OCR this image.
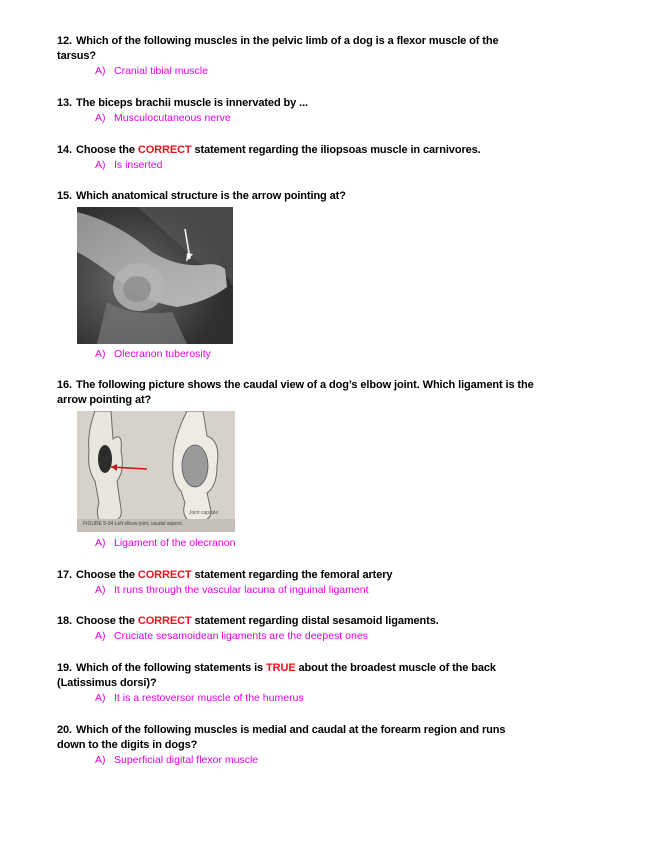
12. Which of the following muscles in the pelvic limb of a dog is a flexor muscle of the

tarsus?

A) Cranial tibial muscle

13. The biceps brachii muscle is innervated by ...

A) Musculocutaneous nerve

14. Choose the CORRECT statement regarding the iliopsoas muscle in carnivores.

A) Is inserted

15. Which anatomical structure is the arrow pointing at?

A) Olecranon tuberosity

16. The following picture shows the caudal view of a dog’s elbow joint. Which ligament is the

arrow pointing at?

Joint capsule
FIGURE 5-34 Left elbow joint, caudal aspect.

A) Ligament of the olecranon

17. Choose the CORRECT statement regarding the femoral artery

A) It runs through the vascular lacuna of inguinal ligament

18. Choose the CORRECT statement regarding distal sesamoid ligaments.

A) Cruciate sesamoidean ligaments are the deepest ones

19. Which of the following statements is TRUE about the broadest muscle of the back

(Latissimus dorsi)?

A) It is a restoversor muscle of the humerus

20. Which of the following muscles is medial and caudal at the forearm region and runs

down to the digits in dogs?

A) Superficial digital flexor muscle
